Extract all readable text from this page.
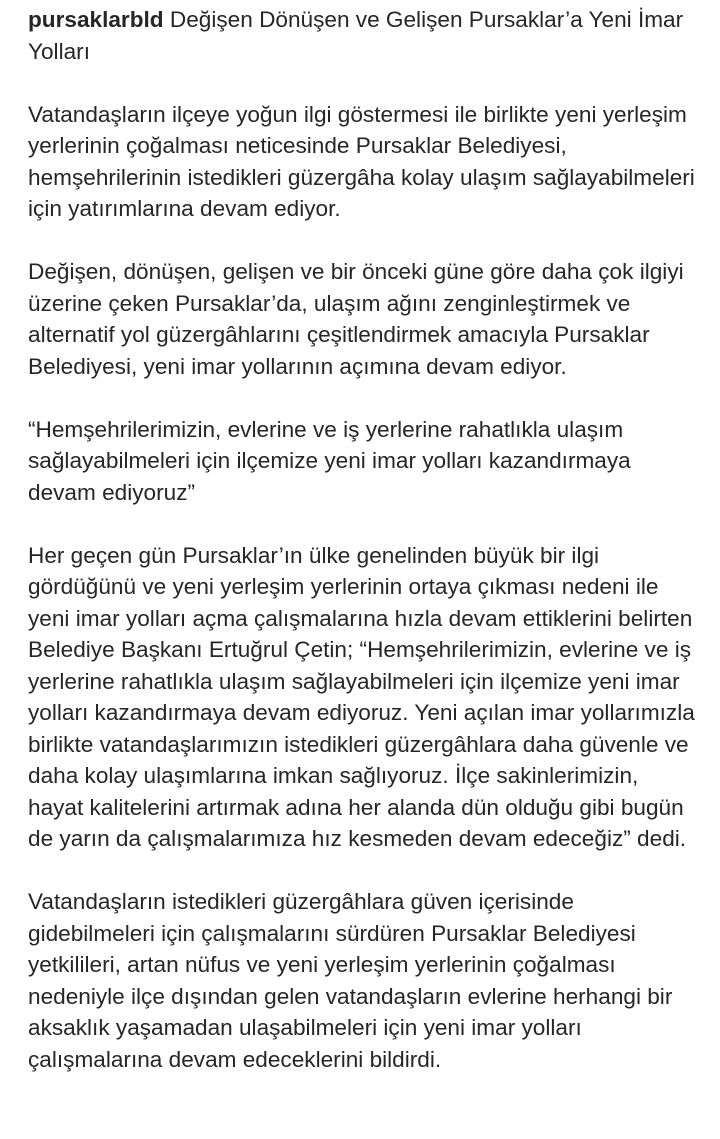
pursaklarbld Değişen Dönüşen ve Gelişen Pursaklar’a Yeni İmar Yolları
Vatandaşların ilçeye yoğun ilgi göstermesi ile birlikte yeni yerleşim yerlerinin çoğalması neticesinde Pursaklar Belediyesi, hemşehrilerinin istedikleri güzergâha kolay ulaşım sağlayabilmeleri için yatırımlarına devam ediyor.
Değişen, dönüşen, gelişen ve bir önceki güne göre daha çok ilgiyi üzerine çeken Pursaklar’da, ulaşım ağını zenginleştirmek ve alternatif yol güzergâhlarını çeşitlendirmek amacıyla Pursaklar Belediyesi, yeni imar yollarının açımına devam ediyor.
“Hemşehrilerimizin, evlerine ve iş yerlerine rahatlıkla ulaşım sağlayabilmeleri için ilçemize yeni imar yolları kazandırmaya devam ediyoruz”
Her geçen gün Pursaklar’ın ülke genelinden büyük bir ilgi gördüğünü ve yeni yerleşim yerlerinin ortaya çıkması nedeni ile yeni imar yolları açma çalışmalarına hızla devam ettiklerini belirten Belediye Başkanı Ertuğrul Çetin; “Hemşehrilerimizin, evlerine ve iş yerlerine rahatlıkla ulaşım sağlayabilmeleri için ilçemize yeni imar yolları kazandırmaya devam ediyoruz. Yeni açılan imar yollarımızla birlikte vatandaşlarımızın istedikleri güzergâhlara daha güvenle ve daha kolay ulaşımlarına imkan sağlıyoruz. İlçe sakinlerimizin, hayat kalitelerini artırmak adına her alanda dün olduğu gibi bugün de yarın da çalışmalarımıza hız kesmeden devam edeceğiz” dedi.
Vatandaşların istedikleri güzergâhlara güven içerisinde gidebilmeleri için çalışmalarını sürdüren Pursaklar Belediyesi yetkilileri, artan nüfus ve yeni yerleşim yerlerinin çoğalması nedeniyle ilçe dışından gelen vatandaşların evlerine herhangi bir aksaklık yaşamadan ulaşabilmeleri için yeni imar yolları çalışmalarına devam edeceklerini bildirdi.
